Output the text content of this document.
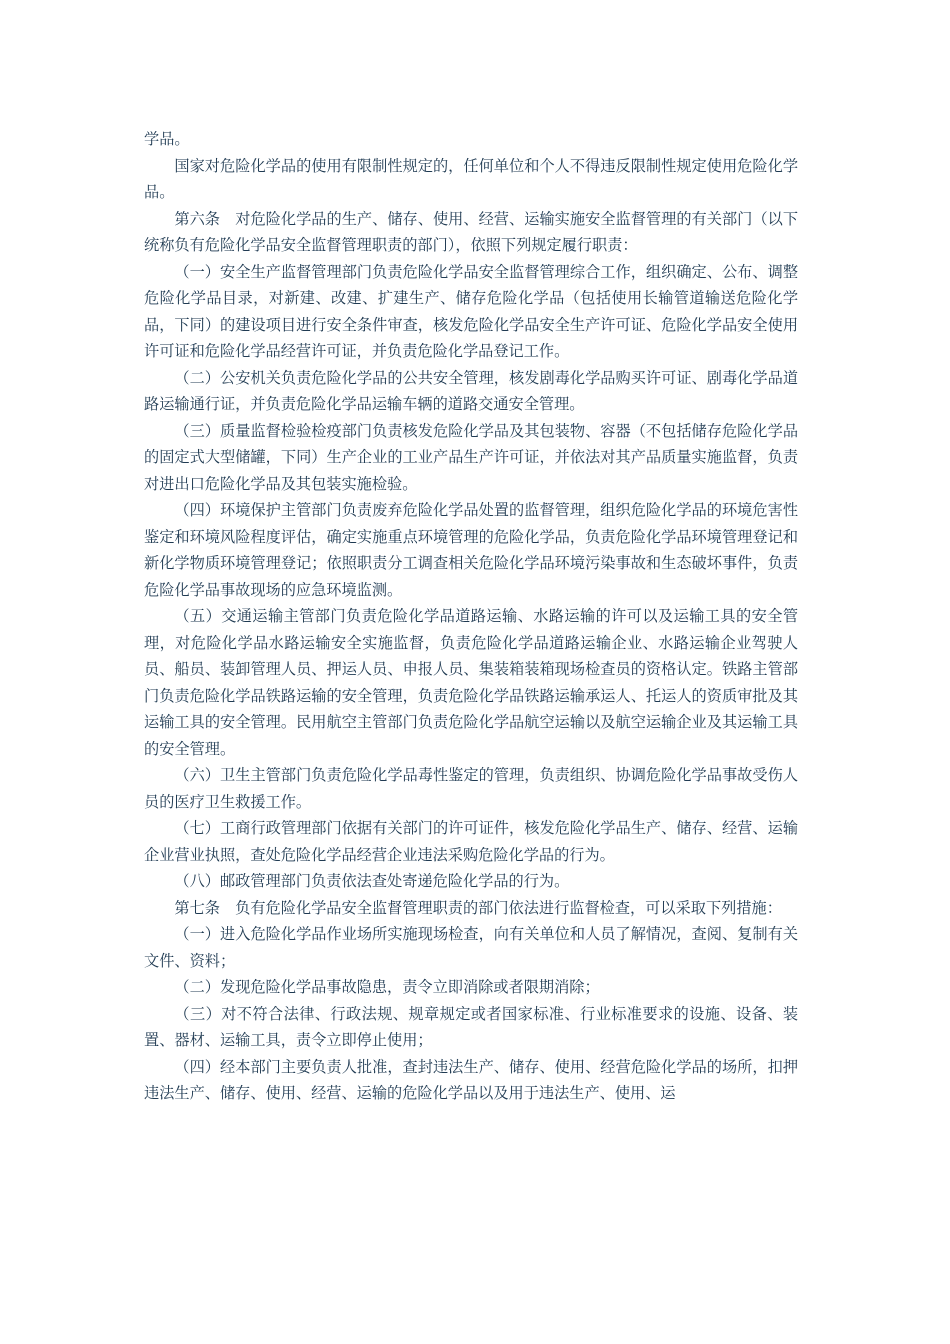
学品。

国家对危险化学品的使用有限制性规定的，任何单位和个人不得违反限制性规定使用危险化学品。

第六条　对危险化学品的生产、储存、使用、经营、运输实施安全监督管理的有关部门（以下统称负有危险化学品安全监督管理职责的部门），依照下列规定履行职责：

（一）安全生产监督管理部门负责危险化学品安全监督管理综合工作，组织确定、公布、调整危险化学品目录，对新建、改建、扩建生产、储存危险化学品（包括使用长输管道输送危险化学品，下同）的建设项目进行安全条件审查，核发危险化学品安全生产许可证、危险化学品安全使用许可证和危险化学品经营许可证，并负责危险化学品登记工作。

（二）公安机关负责危险化学品的公共安全管理，核发剧毒化学品购买许可证、剧毒化学品道路运输通行证，并负责危险化学品运输车辆的道路交通安全管理。

（三）质量监督检验检疫部门负责核发危险化学品及其包装物、容器（不包括储存危险化学品的固定式大型储罐，下同）生产企业的工业产品生产许可证，并依法对其产品质量实施监督，负责对进出口危险化学品及其包装实施检验。

（四）环境保护主管部门负责废弃危险化学品处置的监督管理，组织危险化学品的环境危害性鉴定和环境风险程度评估，确定实施重点环境管理的危险化学品，负责危险化学品环境管理登记和新化学物质环境管理登记；依照职责分工调查相关危险化学品环境污染事故和生态破坏事件，负责危险化学品事故现场的应急环境监测。

（五）交通运输主管部门负责危险化学品道路运输、水路运输的许可以及运输工具的安全管理，对危险化学品水路运输安全实施监督，负责危险化学品道路运输企业、水路运输企业驾驶人员、船员、装卸管理人员、押运人员、申报人员、集装箱装箱现场检查员的资格认定。铁路主管部门负责危险化学品铁路运输的安全管理，负责危险化学品铁路运输承运人、托运人的资质审批及其运输工具的安全管理。民用航空主管部门负责危险化学品航空运输以及航空运输企业及其运输工具的安全管理。

（六）卫生主管部门负责危险化学品毒性鉴定的管理，负责组织、协调危险化学品事故受伤人员的医疗卫生救援工作。

（七）工商行政管理部门依据有关部门的许可证件，核发危险化学品生产、储存、经营、运输企业营业执照，查处危险化学品经营企业违法采购危险化学品的行为。

（八）邮政管理部门负责依法查处寄递危险化学品的行为。

第七条　负有危险化学品安全监督管理职责的部门依法进行监督检查，可以采取下列措施：

（一）进入危险化学品作业场所实施现场检查，向有关单位和人员了解情况，查阅、复制有关文件、资料；

（二）发现危险化学品事故隐患，责令立即消除或者限期消除；

（三）对不符合法律、行政法规、规章规定或者国家标准、行业标准要求的设施、设备、装置、器材、运输工具，责令立即停止使用；

（四）经本部门主要负责人批准，查封违法生产、储存、使用、经营危险化学品的场所，扣押违法生产、储存、使用、经营、运输的危险化学品以及用于违法生产、使用、运
